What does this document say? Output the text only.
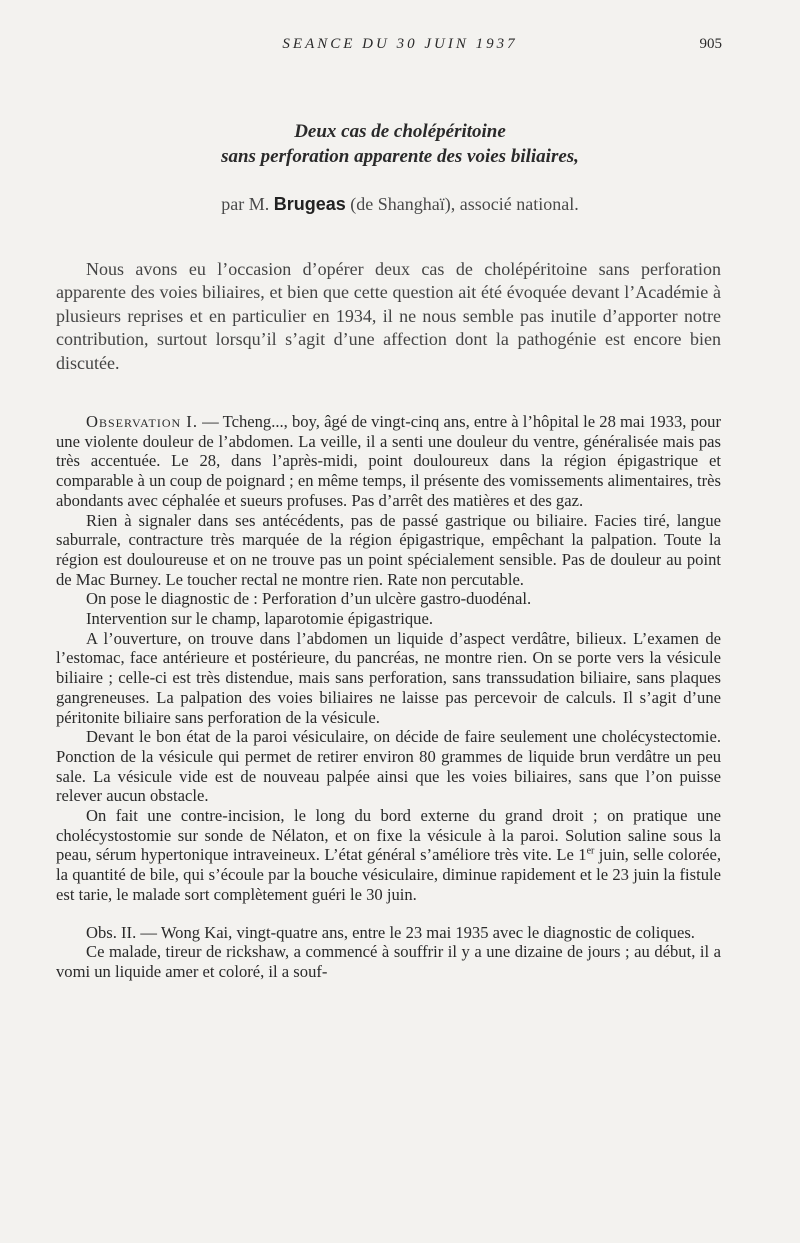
SEANCE DU 30 JUIN 1937	905
Deux cas de cholépéritoine
sans perforation apparente des voies biliaires,
par M. Brugeas (de Shanghaï), associé national.

Nous avons eu l’occasion d’opérer deux cas de cholépéritoine sans perforation apparente des voies biliaires, et bien que cette question ait été évoquée devant l’Académie à plusieurs reprises et en particulier en 1934, il ne nous semble pas inutile d’apporter notre contribution, surtout lorsqu’il s’agit d’une affection dont la pathogénie est encore bien discutée.

Observation I. — Tcheng..., boy, âgé de vingt-cinq ans, entre à l’hôpital le 28 mai 1933, pour une violente douleur de l’abdomen. La veille, il a senti une douleur du ventre, généralisée mais pas très accentuée. Le 28, dans l’après-midi, point douloureux dans la région épigastrique et comparable à un coup de poignard ; en même temps, il présente des vomissements alimentaires, très abondants avec céphalée et sueurs profuses. Pas d’arrêt des matières et des gaz.

Rien à signaler dans ses antécédents, pas de passé gastrique ou biliaire. Facies tiré, langue saburrale, contracture très marquée de la région épigastrique, empêchant la palpation. Toute la région est douloureuse et on ne trouve pas un point spécialement sensible. Pas de douleur au point de Mac Burney. Le toucher rectal ne montre rien. Rate non percutable.

On pose le diagnostic de : Perforation d’un ulcère gastro-duodénal.

Intervention sur le champ, laparotomie épigastrique.

A l’ouverture, on trouve dans l’abdomen un liquide d’aspect verdâtre, bilieux. L’examen de l’estomac, face antérieure et postérieure, du pancréas, ne montre rien. On se porte vers la vésicule biliaire ; celle-ci est très distendue, mais sans perforation, sans transsudation biliaire, sans plaques gangreneuses. La palpation des voies biliaires ne laisse pas percevoir de calculs. Il s’agit d’une péritonite biliaire sans perforation de la vésicule.

Devant le bon état de la paroi vésiculaire, on décide de faire seulement une cholécystectomie. Ponction de la vésicule qui permet de retirer environ 80 grammes de liquide brun verdâtre un peu sale. La vésicule vide est de nouveau palpée ainsi que les voies biliaires, sans que l’on puisse relever aucun obstacle.

On fait une contre-incision, le long du bord externe du grand droit ; on pratique une cholécystostomie sur sonde de Nélaton, et on fixe la vésicule à la paroi. Solution saline sous la peau, sérum hypertonique intraveineux. L’état général s’améliore très vite. Le 1er juin, selle colorée, la quantité de bile, qui s’écoule par la bouche vésiculaire, diminue rapidement et le 23 juin la fistule est tarie, le malade sort complètement guéri le 30 juin.

Obs. II. — Wong Kai, vingt-quatre ans, entre le 23 mai 1935 avec le diagnostic de coliques.

Ce malade, tireur de rickshaw, a commencé à souffrir il y a une dizaine de jours ; au début, il a vomi un liquide amer et coloré, il a souf-
